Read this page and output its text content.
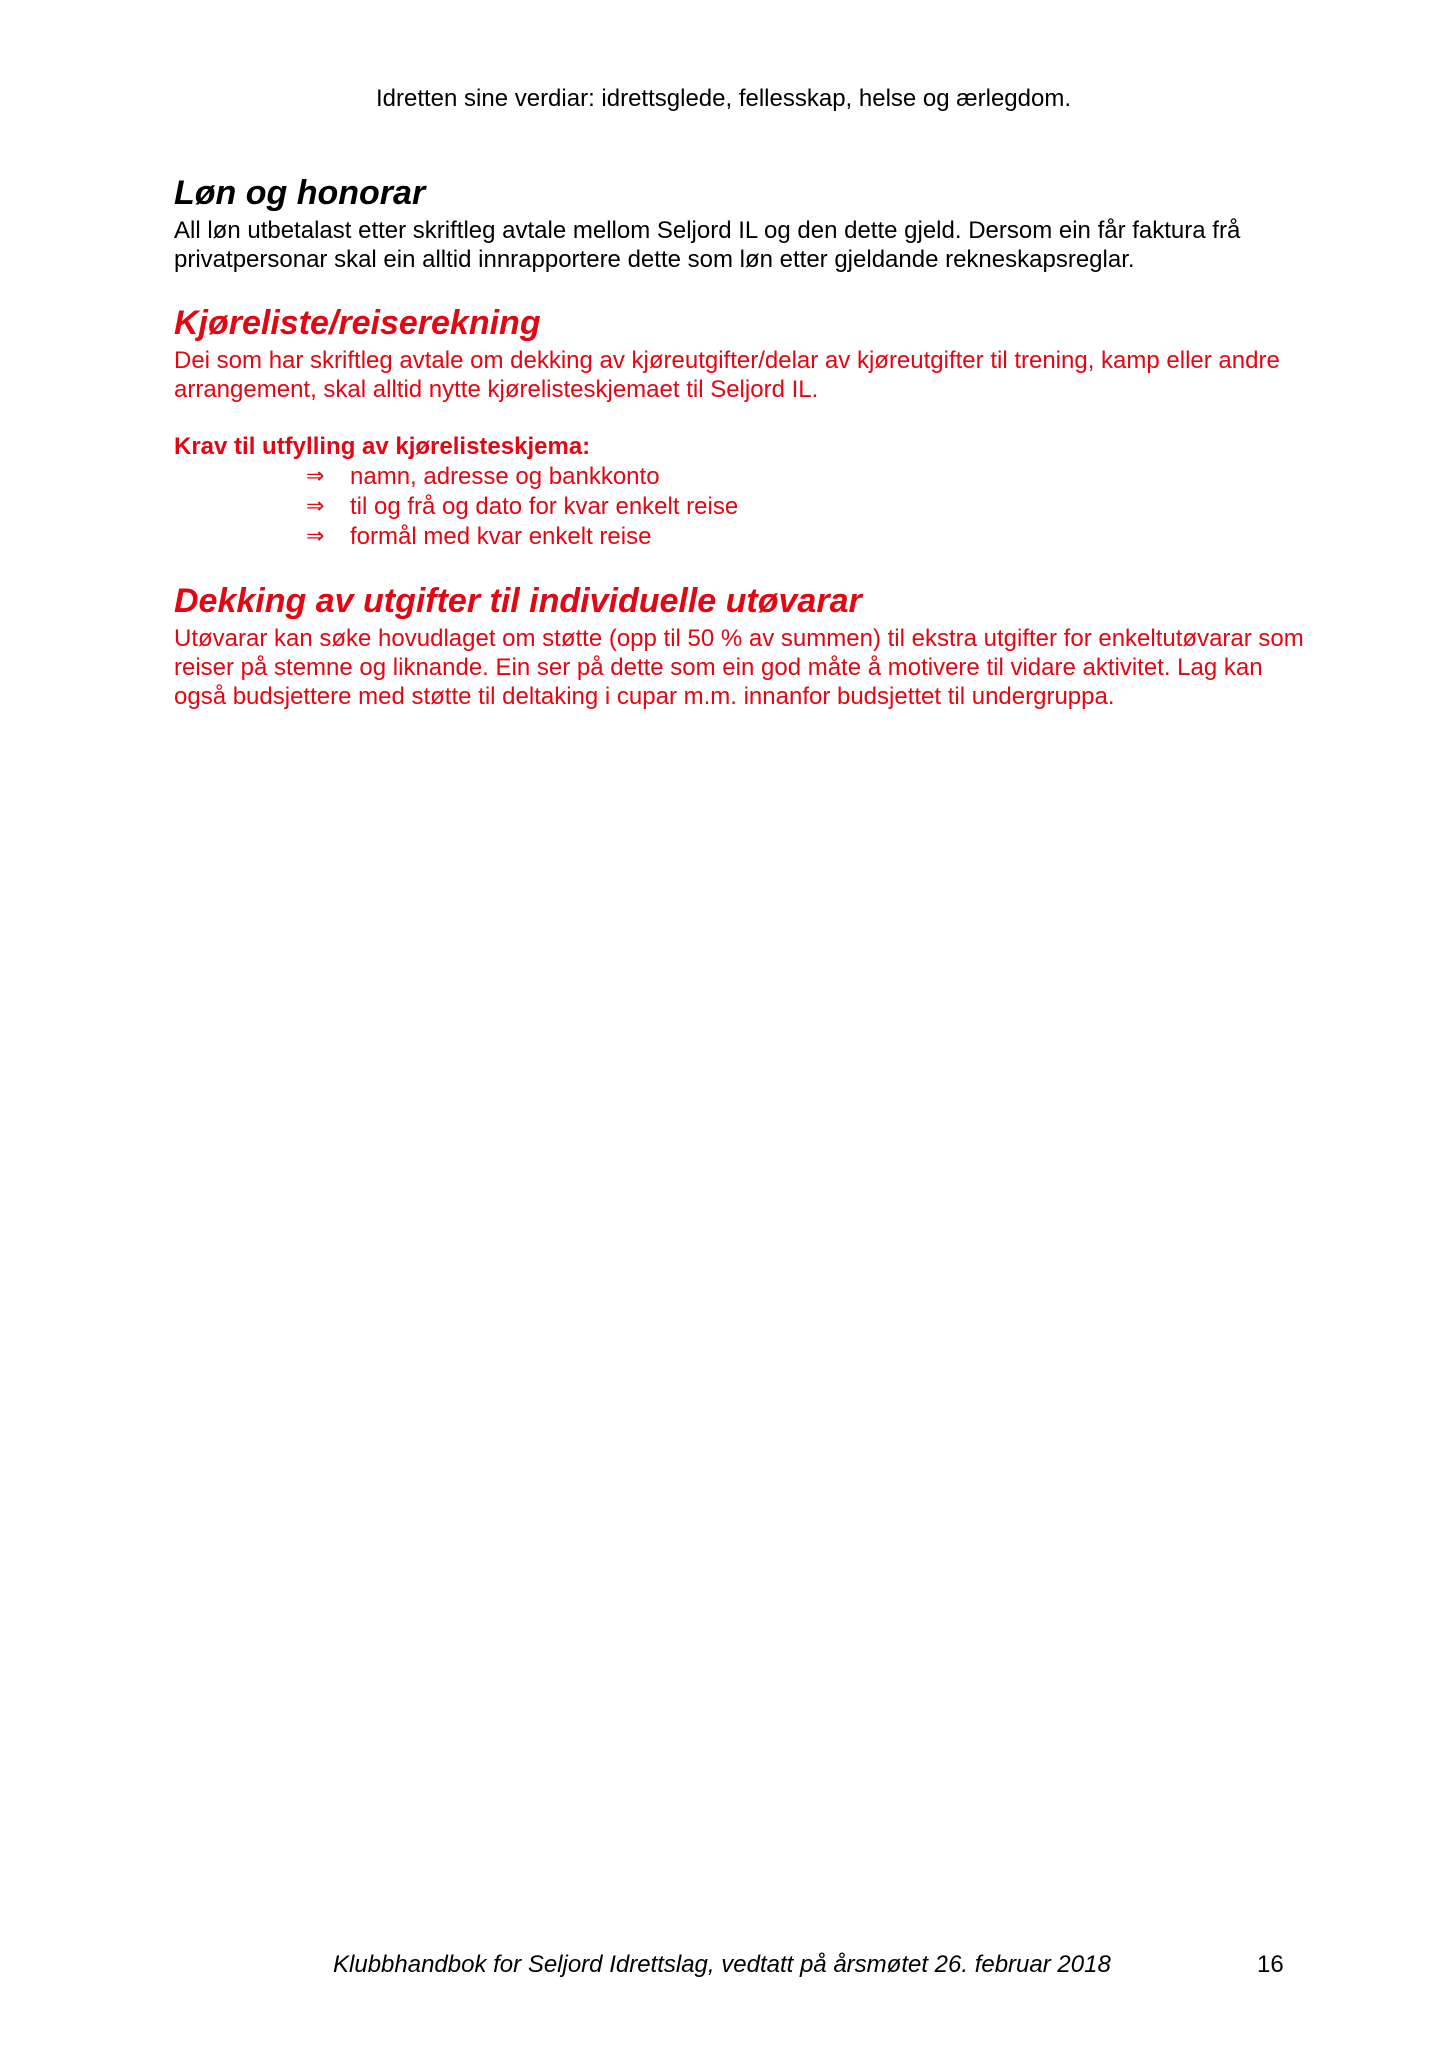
Idretten sine verdiar: idrettsglede, fellesskap, helse og ærlegdom.
Løn og honorar

All løn utbetalast etter skriftleg avtale mellom Seljord IL og den dette gjeld. Dersom ein får faktura frå privatpersonar skal ein alltid innrapportere dette som løn etter gjeldande rekneskapsreglar.

Kjøreliste/reiserekning

Dei som har skriftleg avtale om dekking av kjøreutgifter/delar av kjøreutgifter til trening, kamp eller andre arrangement, skal alltid nytte kjørelisteskjemaet til Seljord IL.

Krav til utfylling av kjørelisteskjema:
⇒	namn, adresse og bankkonto
⇒	til og frå og dato for kvar enkelt reise
⇒	formål med kvar enkelt reise
Dekking av utgifter til individuelle utøvarar

Utøvarar kan søke hovudlaget om støtte (opp til 50 % av summen) til ekstra utgifter for enkeltutøvarar som reiser på stemne og liknande. Ein ser på dette som ein god måte å motivere til vidare aktivitet. Lag kan også budsjettere med støtte til deltaking i cupar m.m. innanfor budsjettet til undergruppa.

Klubbhandbok for Seljord Idrettslag, vedtatt på årsmøtet 26. februar 2018	16
